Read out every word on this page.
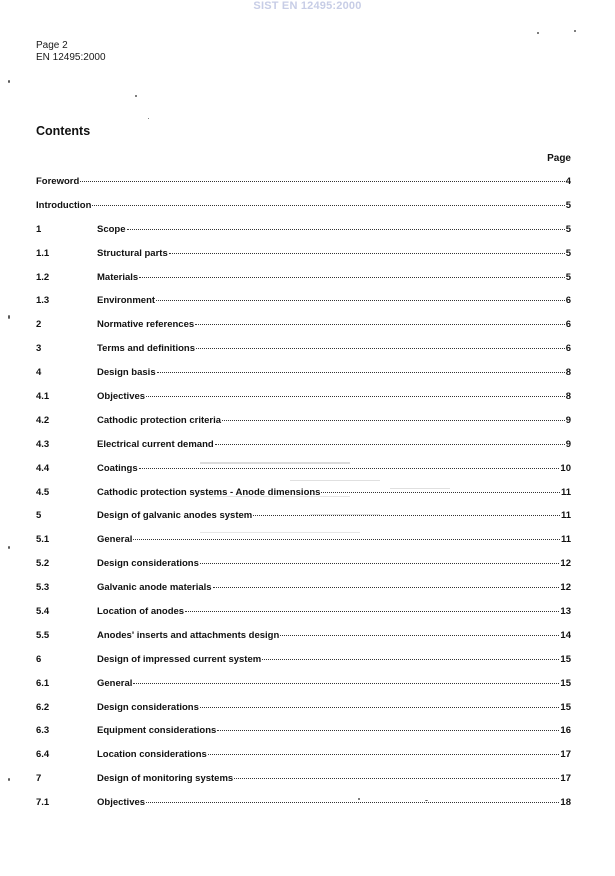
SIST EN 12495:2000
Page 2
EN 12495:2000
Contents
Page
Foreword	4
Introduction	5
1	Scope	5
1.1	Structural parts	5
1.2	Materials	5
1.3	Environment	6
2	Normative references	6
3	Terms and definitions	6
4	Design basis	8
4.1	Objectives	8
4.2	Cathodic protection criteria	9
4.3	Electrical current demand	9
4.4	Coatings	10
4.5	Cathodic protection systems - Anode dimensions	11
5	Design of galvanic anodes system	11
5.1	General	11
5.2	Design considerations	12
5.3	Galvanic anode materials	12
5.4	Location of anodes	13
5.5	Anodes' inserts and attachments design	14
6	Design of impressed current system	15
6.1	General	15
6.2	Design considerations	15
6.3	Equipment considerations	16
6.4	Location considerations	17
7	Design of monitoring systems	17
7.1	Objectives	18
